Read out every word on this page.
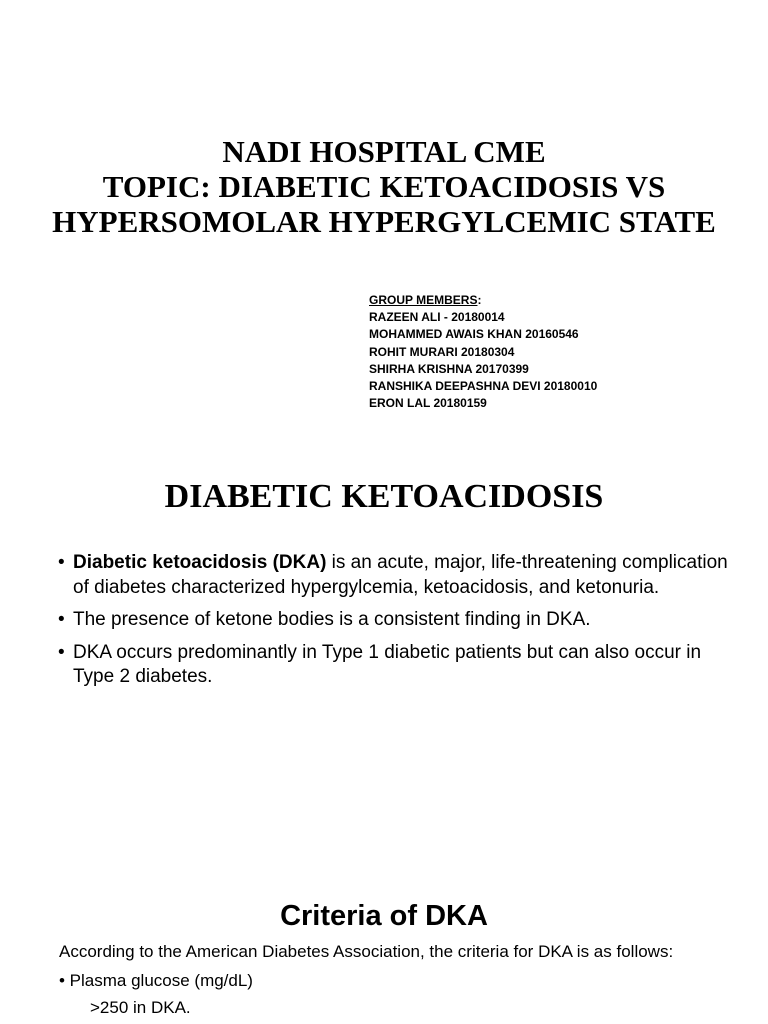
NADI HOSPITAL CME
TOPIC: DIABETIC KETOACIDOSIS VS
HYPERSOMOLAR HYPERGYLCEMIC STATE
GROUP MEMBERS:
RAZEEN ALI - 20180014
MOHAMMED AWAIS KHAN 20160546
ROHIT MURARI 20180304
SHIRHA KRISHNA 20170399
RANSHIKA DEEPASHNA DEVI 20180010
ERON LAL 20180159
DIABETIC KETOACIDOSIS
• Diabetic ketoacidosis (DKA) is an acute, major, life-threatening complication of diabetes characterized hypergylcemia, ketoacidosis, and ketonuria.
• The presence of ketone bodies is a consistent finding in DKA.
• DKA occurs predominantly in Type 1 diabetic patients but can also occur in Type 2 diabetes.
Criteria of DKA
According to the American Diabetes Association, the criteria for DKA is as follows:
• Plasma glucose (mg/dL)
>250 in DKA.
